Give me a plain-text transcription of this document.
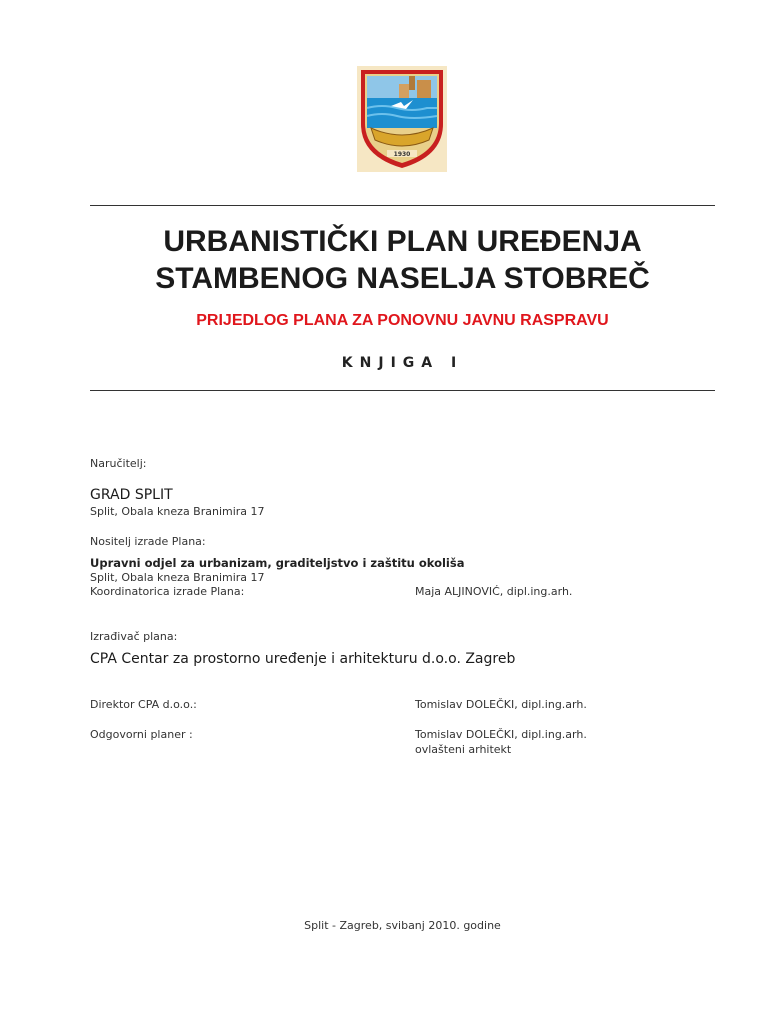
1930
URBANISTIČKI PLAN UREĐENJA
STAMBENOG NASELJA STOBREČ
PRIJEDLOG PLANA ZA PONOVNU JAVNU RASPRAVU
KNJIGA I
Naručitelj:
GRAD SPLIT
Split, Obala kneza Branimira 17
Nositelj izrade Plana:
Upravni odjel za urbanizam, graditeljstvo i zaštitu okoliša
Split, Obala kneza Branimira 17
Koordinatorica izrade Plana:	Maja ALJINOVIĆ, dipl.ing.arh.
Izrađivač plana:
CPA Centar za prostorno uređenje i arhitekturu d.o.o. Zagreb
Direktor CPA d.o.o.:	Tomislav DOLEČKI, dipl.ing.arh.
Odgovorni planer :	Tomislav DOLEČKI, dipl.ing.arh.
ovlašteni arhitekt
Split - Zagreb, svibanj 2010. godine
